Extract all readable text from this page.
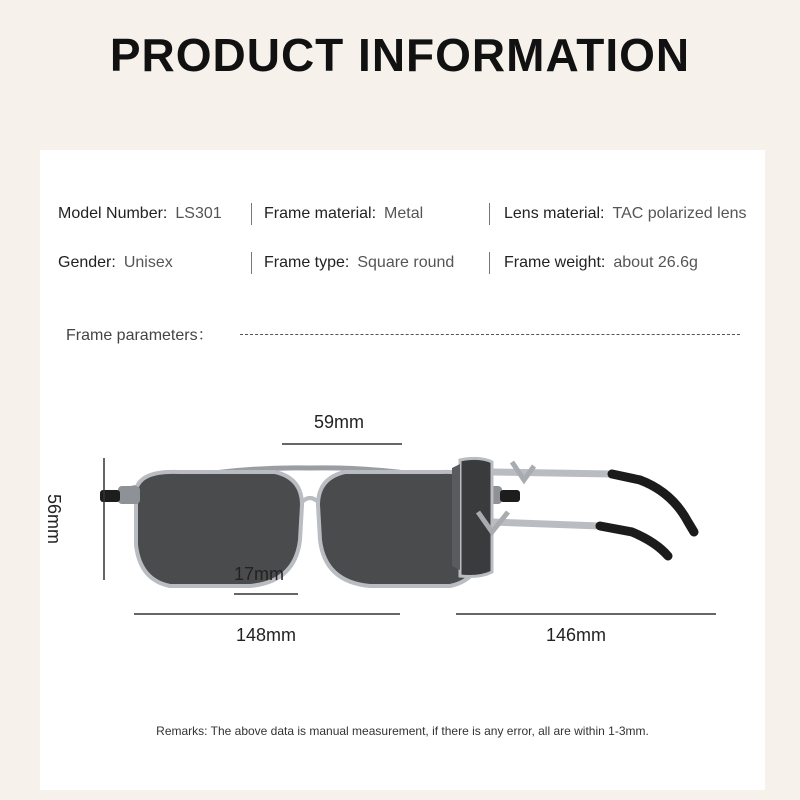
PRODUCT INFORMATION
Model Number: LS301	Frame material: Metal	Lens material: TAC polarized lens
Gender: Unisex	Frame type: Square round	Frame weight: about 26.6g
Frame parameters：
59mm
56mm
17mm
148mm	146mm
Remarks: The above data is manual measurement, if there is any error, all are within 1-3mm.
